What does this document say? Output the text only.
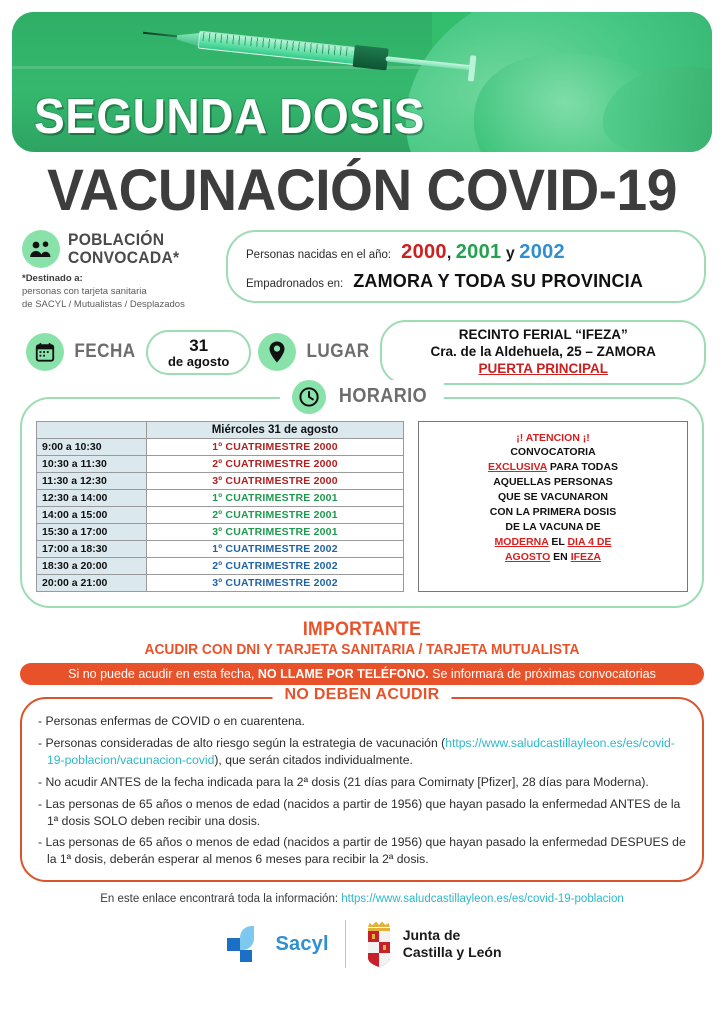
SEGUNDA DOSIS
VACUNACIÓN COVID-19
POBLACIÓN
CONVOCADA*
*Destinado a:
personas con tarjeta sanitaria
de SACYL / Mutualistas / Desplazados
Personas nacidas en el año: 2000, 2001 y 2002
Empadronados en: ZAMORA Y TODA SU PROVINCIA
FECHA	31
de agosto	LUGAR
RECINTO FERIAL “IFEZA”
Cra. de la Aldehuela, 25 – ZAMORA
PUERTA PRINCIPAL
HORARIO
	Miércoles 31 de agosto
9:00 a 10:30	1º CUATRIMESTRE 2000
10:30 a 11:30	2º CUATRIMESTRE 2000
11:30 a 12:30	3º CUATRIMESTRE 2000
12:30 a 14:00	1º CUATRIMESTRE 2001
14:00 a 15:00	2º CUATRIMESTRE 2001
15:30 a 17:00	3º CUATRIMESTRE 2001
17:00 a 18:30	1º CUATRIMESTRE 2002
18:30 a 20:00	2º CUATRIMESTRE 2002
20:00 a 21:00	3º CUATRIMESTRE 2002
¡! ATENCION ¡!
CONVOCATORIA
EXCLUSIVA PARA TODAS
AQUELLAS PERSONAS
QUE SE VACUNARON
CON LA PRIMERA DOSIS
DE LA VACUNA DE
MODERNA EL DIA 4 DE
AGOSTO EN IFEZA
IMPORTANTE
ACUDIR CON DNI Y TARJETA SANITARIA / TARJETA MUTUALISTA
Si no puede acudir en esta fecha, NO LLAME POR TELÉFONO. Se informará de próximas convocatorias
NO DEBEN ACUDIR
- Personas enfermas de COVID o en cuarentena.
- Personas consideradas de alto riesgo según la estrategia de vacunación (https://www.saludcastillayleon.es/es/covid-19-poblacion/vacunacion-covid), que serán citados individualmente.
- No acudir ANTES de la fecha indicada para la 2ª dosis (21 días para Comirnaty [Pfizer], 28 días para Moderna).
- Las personas de 65 años o menos de edad (nacidos a partir de 1956) que hayan pasado la enfermedad ANTES de la 1ª dosis SOLO deben recibir una dosis.
- Las personas de 65 años o menos de edad (nacidos a partir de 1956) que hayan pasado la enfermedad DESPUES de la 1ª dosis, deberán esperar al menos 6 meses para recibir la 2ª dosis.
En este enlace encontrará toda la información: https://www.saludcastillayleon.es/es/covid-19-poblacion
Sacyl	Junta de
Castilla y León
